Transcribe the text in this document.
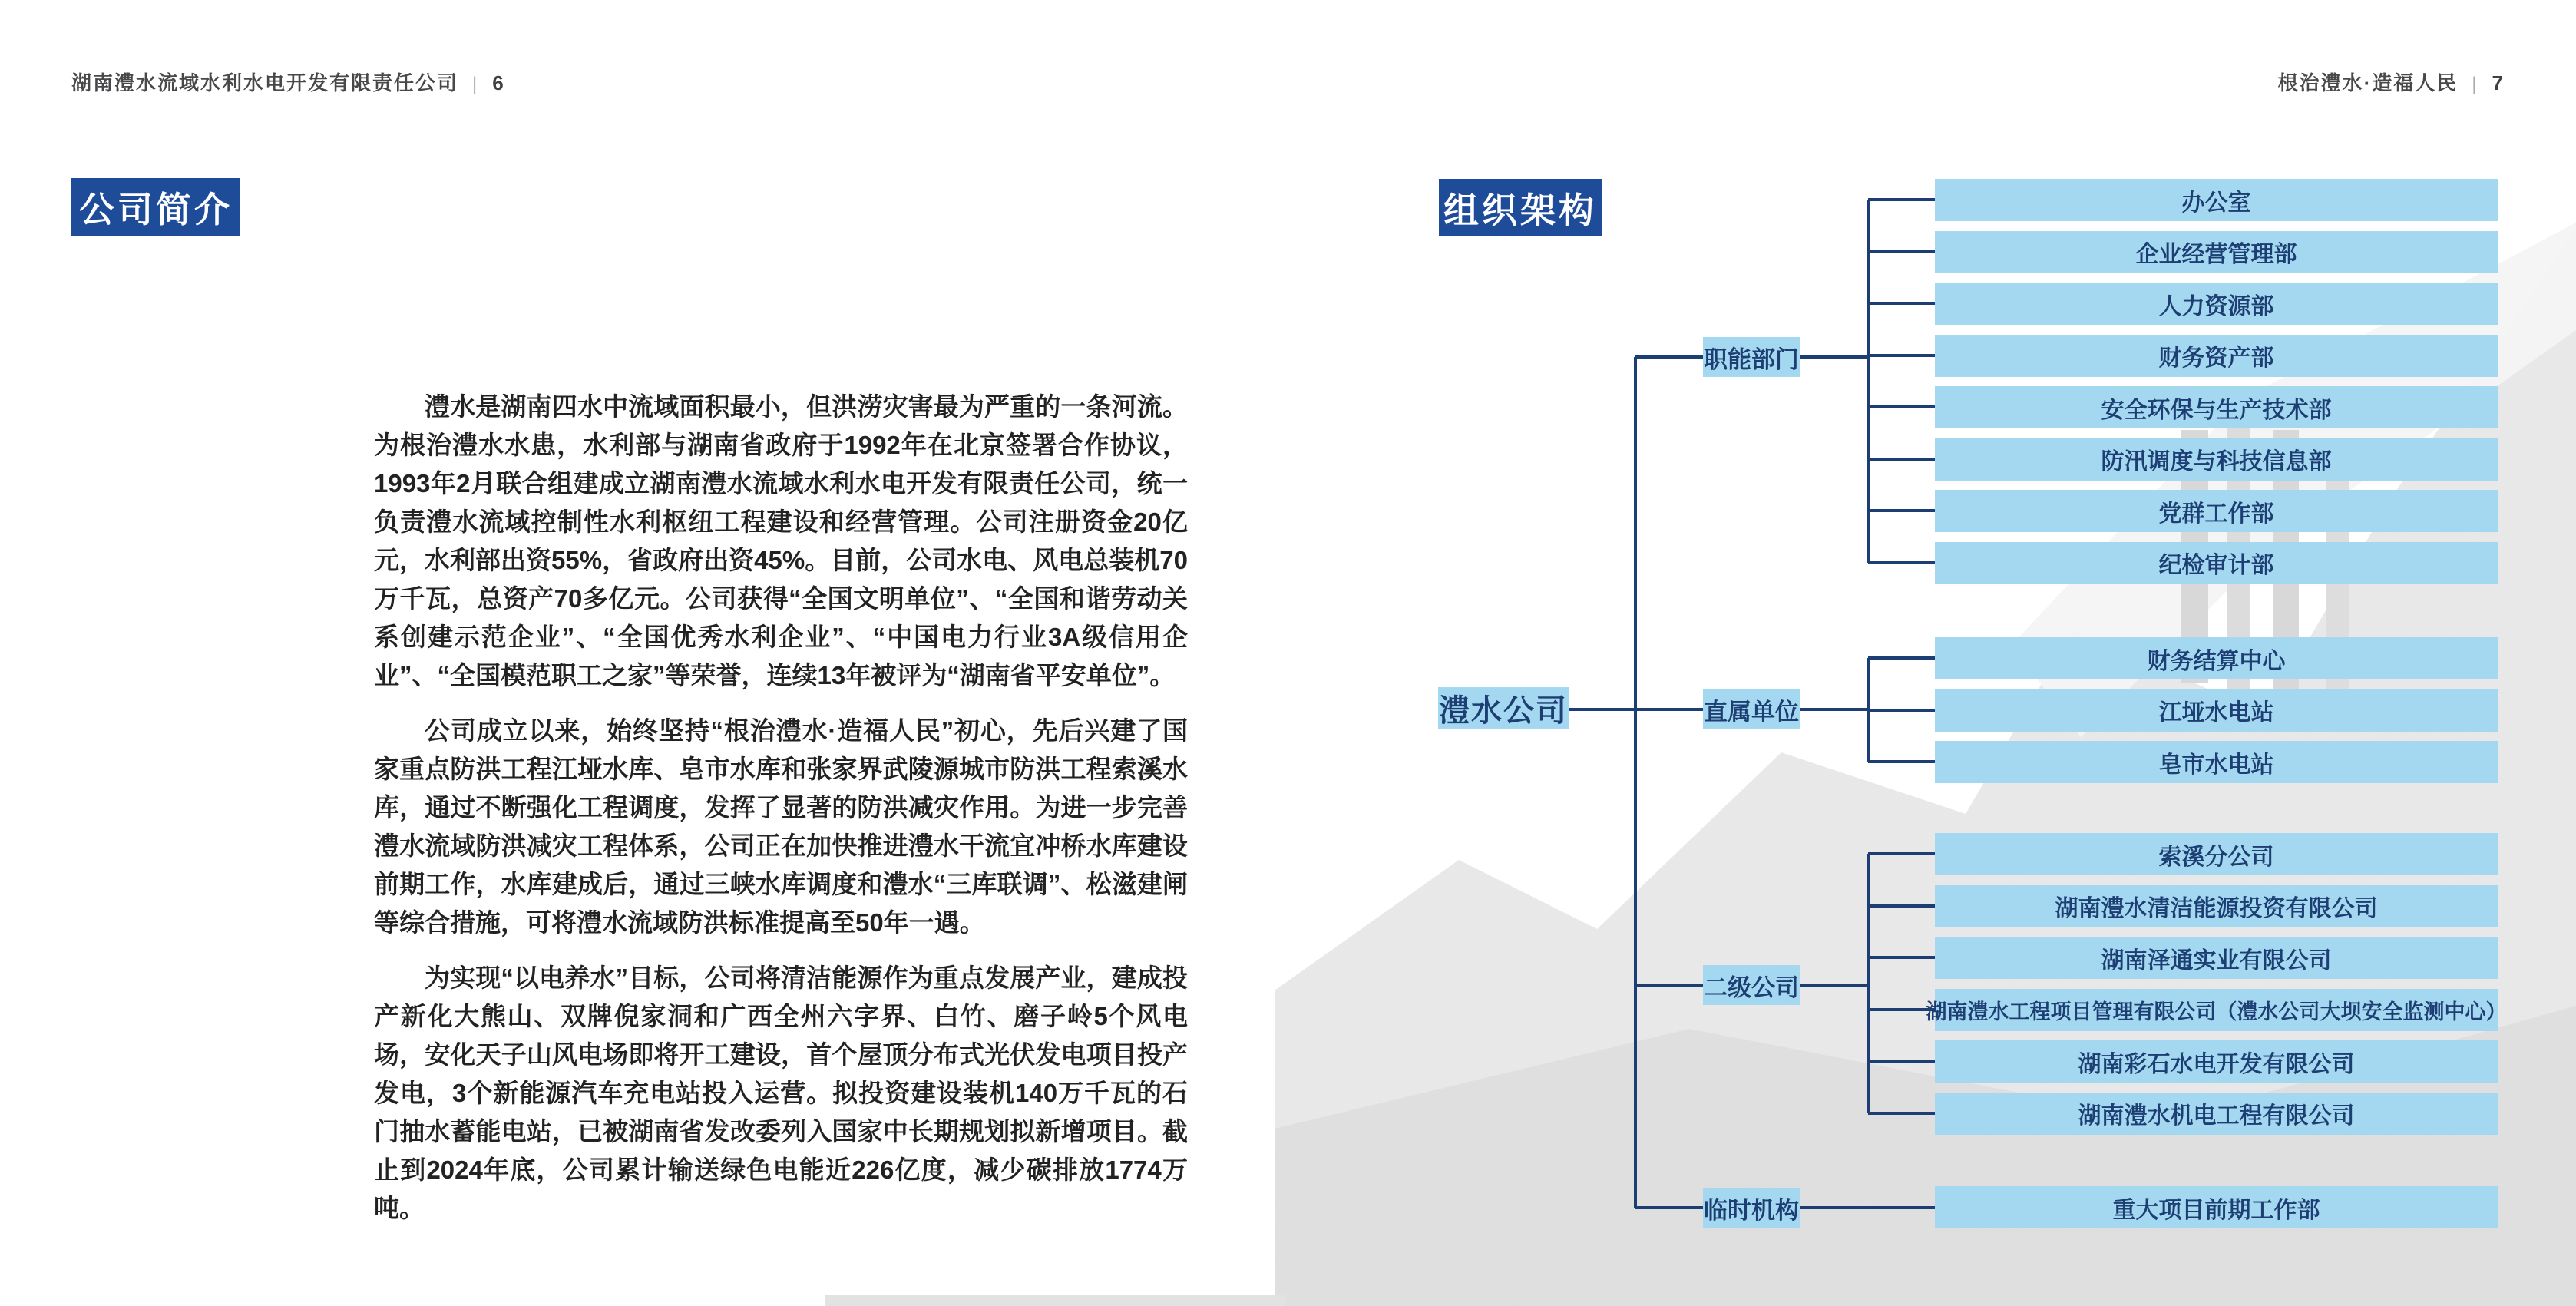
湖南澧水流域水利水电开发有限责任公司 | 6	根治澧水·造福人民 | 7
公司简介	组织架构

澧水是湖南四水中流域面积最小，但洪涝灾害最为严重的一条河流。为根治澧水水患，水利部与湖南省政府于1992年在北京签署合作协议，1993年2月联合组建成立湖南澧水流域水利水电开发有限责任公司，统一负责澧水流域控制性水利枢纽工程建设和经营管理。公司注册资金20亿元，水利部出资55%，省政府出资45%。目前，公司水电、风电总装机70万千瓦，总资产70多亿元。公司获得“全国文明单位”、“全国和谐劳动关系创建示范企业”、“全国优秀水利企业”、“中国电力行业3A级信用企业”、“全国模范职工之家”等荣誉，连续13年被评为“湖南省平安单位”。

公司成立以来，始终坚持“根治澧水·造福人民”初心，先后兴建了国家重点防洪工程江垭水库、皂市水库和张家界武陵源城市防洪工程索溪水库，通过不断强化工程调度，发挥了显著的防洪减灾作用。为进一步完善澧水流域防洪减灾工程体系，公司正在加快推进澧水干流宜冲桥水库建设前期工作，水库建成后，通过三峡水库调度和澧水“三库联调”、松滋建闸等综合措施，可将澧水流域防洪标准提高至50年一遇。

为实现“以电养水”目标，公司将清洁能源作为重点发展产业，建成投产新化大熊山、双牌倪家洞和广西全州六字界、白竹、磨子岭5个风电场，安化天子山风电场即将开工建设，首个屋顶分布式光伏发电项目投产发电，3个新能源汽车充电站投入运营。拟投资建设装机140万千瓦的石门抽水蓄能电站，已被湖南省发改委列入国家中长期规划拟新增项目。截止到2024年底，公司累计输送绿色电能近226亿度，减少碳排放1774万吨。

澧水公司
职能部门
直属单位
二级公司
临时机构
办公室
企业经营管理部
人力资源部
财务资产部
安全环保与生产技术部
防汛调度与科技信息部
党群工作部
纪检审计部
财务结算中心
江垭水电站
皂市水电站
索溪分公司
湖南澧水清洁能源投资有限公司
湖南泽通实业有限公司
湖南澧水工程项目管理有限公司（澧水公司大坝安全监测中心）
湖南彩石水电开发有限公司
湖南澧水机电工程有限公司
重大项目前期工作部
